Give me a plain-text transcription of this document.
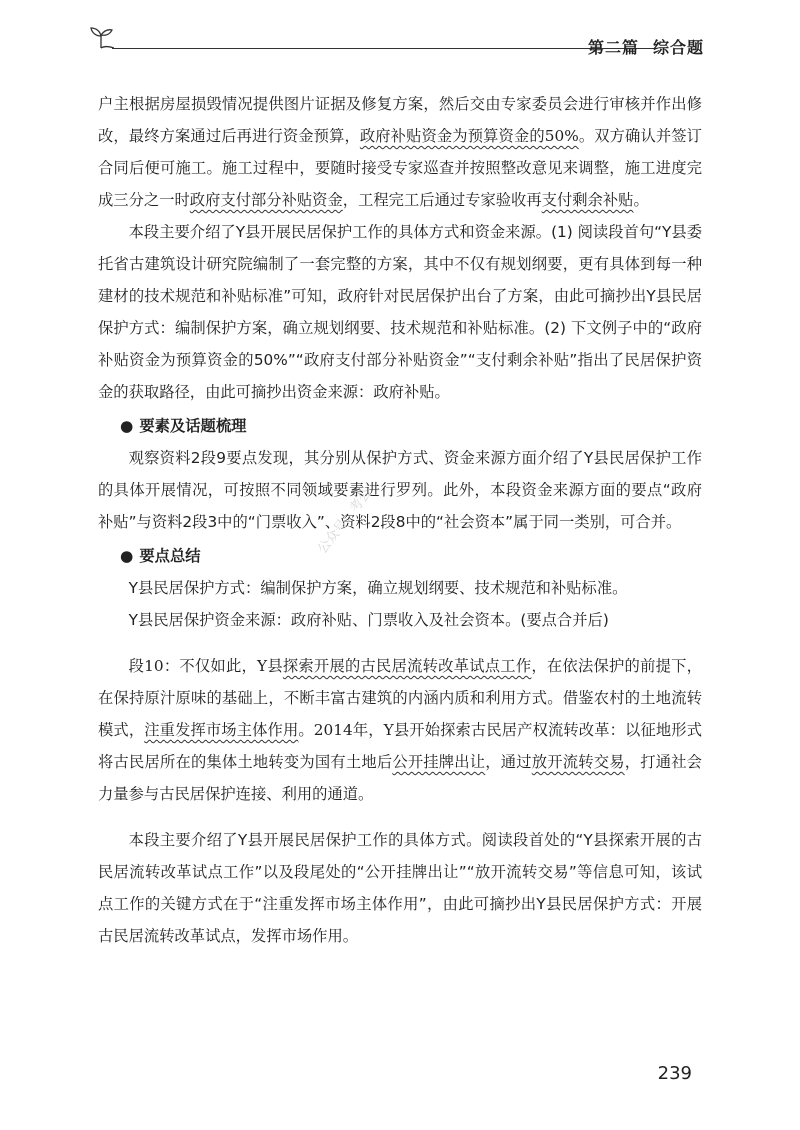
第二篇 综合题

户主根据房屋损毁情况提供图片证据及修复方案，然后交由专家委员会进行审核并作出修改，最终方案通过后再进行资金预算，政府补贴资金为预算资金的50%。双方确认并签订合同后便可施工。施工过程中，要随时接受专家巡查并按照整改意见来调整，施工进度完成三分之一时政府支付部分补贴资金，工程完工后通过专家验收再支付剩余补贴。

本段主要介绍了Y县开展民居保护工作的具体方式和资金来源。(1) 阅读段首句“Y县委托省古建筑设计研究院编制了一套完整的方案，其中不仅有规划纲要，更有具体到每一种建材的技术规范和补贴标准”可知，政府针对民居保护出台了方案，由此可摘抄出Y县民居保护方式：编制保护方案，确立规划纲要、技术规范和补贴标准。(2) 下文例子中的“政府补贴资金为预算资金的50%”“政府支付部分补贴资金”“支付剩余补贴”指出了民居保护资金的获取路径，由此可摘抄出资金来源：政府补贴。

● 要素及话题梳理

观察资料2段9要点发现，其分别从保护方式、资金来源方面介绍了Y县民居保护工作的具体开展情况，可按照不同领域要素进行罗列。此外，本段资金来源方面的要点“政府补贴”与资料2段3中的“门票收入”、资料2段8中的“社会资本”属于同一类别，可合并。

● 要点总结

Y县民居保护方式：编制保护方案，确立规划纲要、技术规范和补贴标准。

Y县民居保护资金来源：政府补贴、门票收入及社会资本。(要点合并后)

段10：不仅如此，Y县探索开展的古民居流转改革试点工作，在依法保护的前提下，在保持原汁原味的基础上，不断丰富古建筑的内涵内质和利用方式。借鉴农村的土地流转模式，注重发挥市场主体作用。2014年，Y县开始探索古民居产权流转改革：以征地形式将古民居所在的集体土地转变为国有土地后公开挂牌出让，通过放开流转交易，打通社会力量参与古民居保护连接、利用的通道。

本段主要介绍了Y县开展民居保护工作的具体方式。阅读段首处的“Y县探索开展的古民居流转改革试点工作”以及段尾处的“公开挂牌出让”“放开流转交易”等信息可知，该试点工作的关键方式在于“注重发挥市场主体作用”，由此可摘抄出Y县民居保护方式：开展古民居流转改革试点，发挥市场作用。

公众号：考公
239
